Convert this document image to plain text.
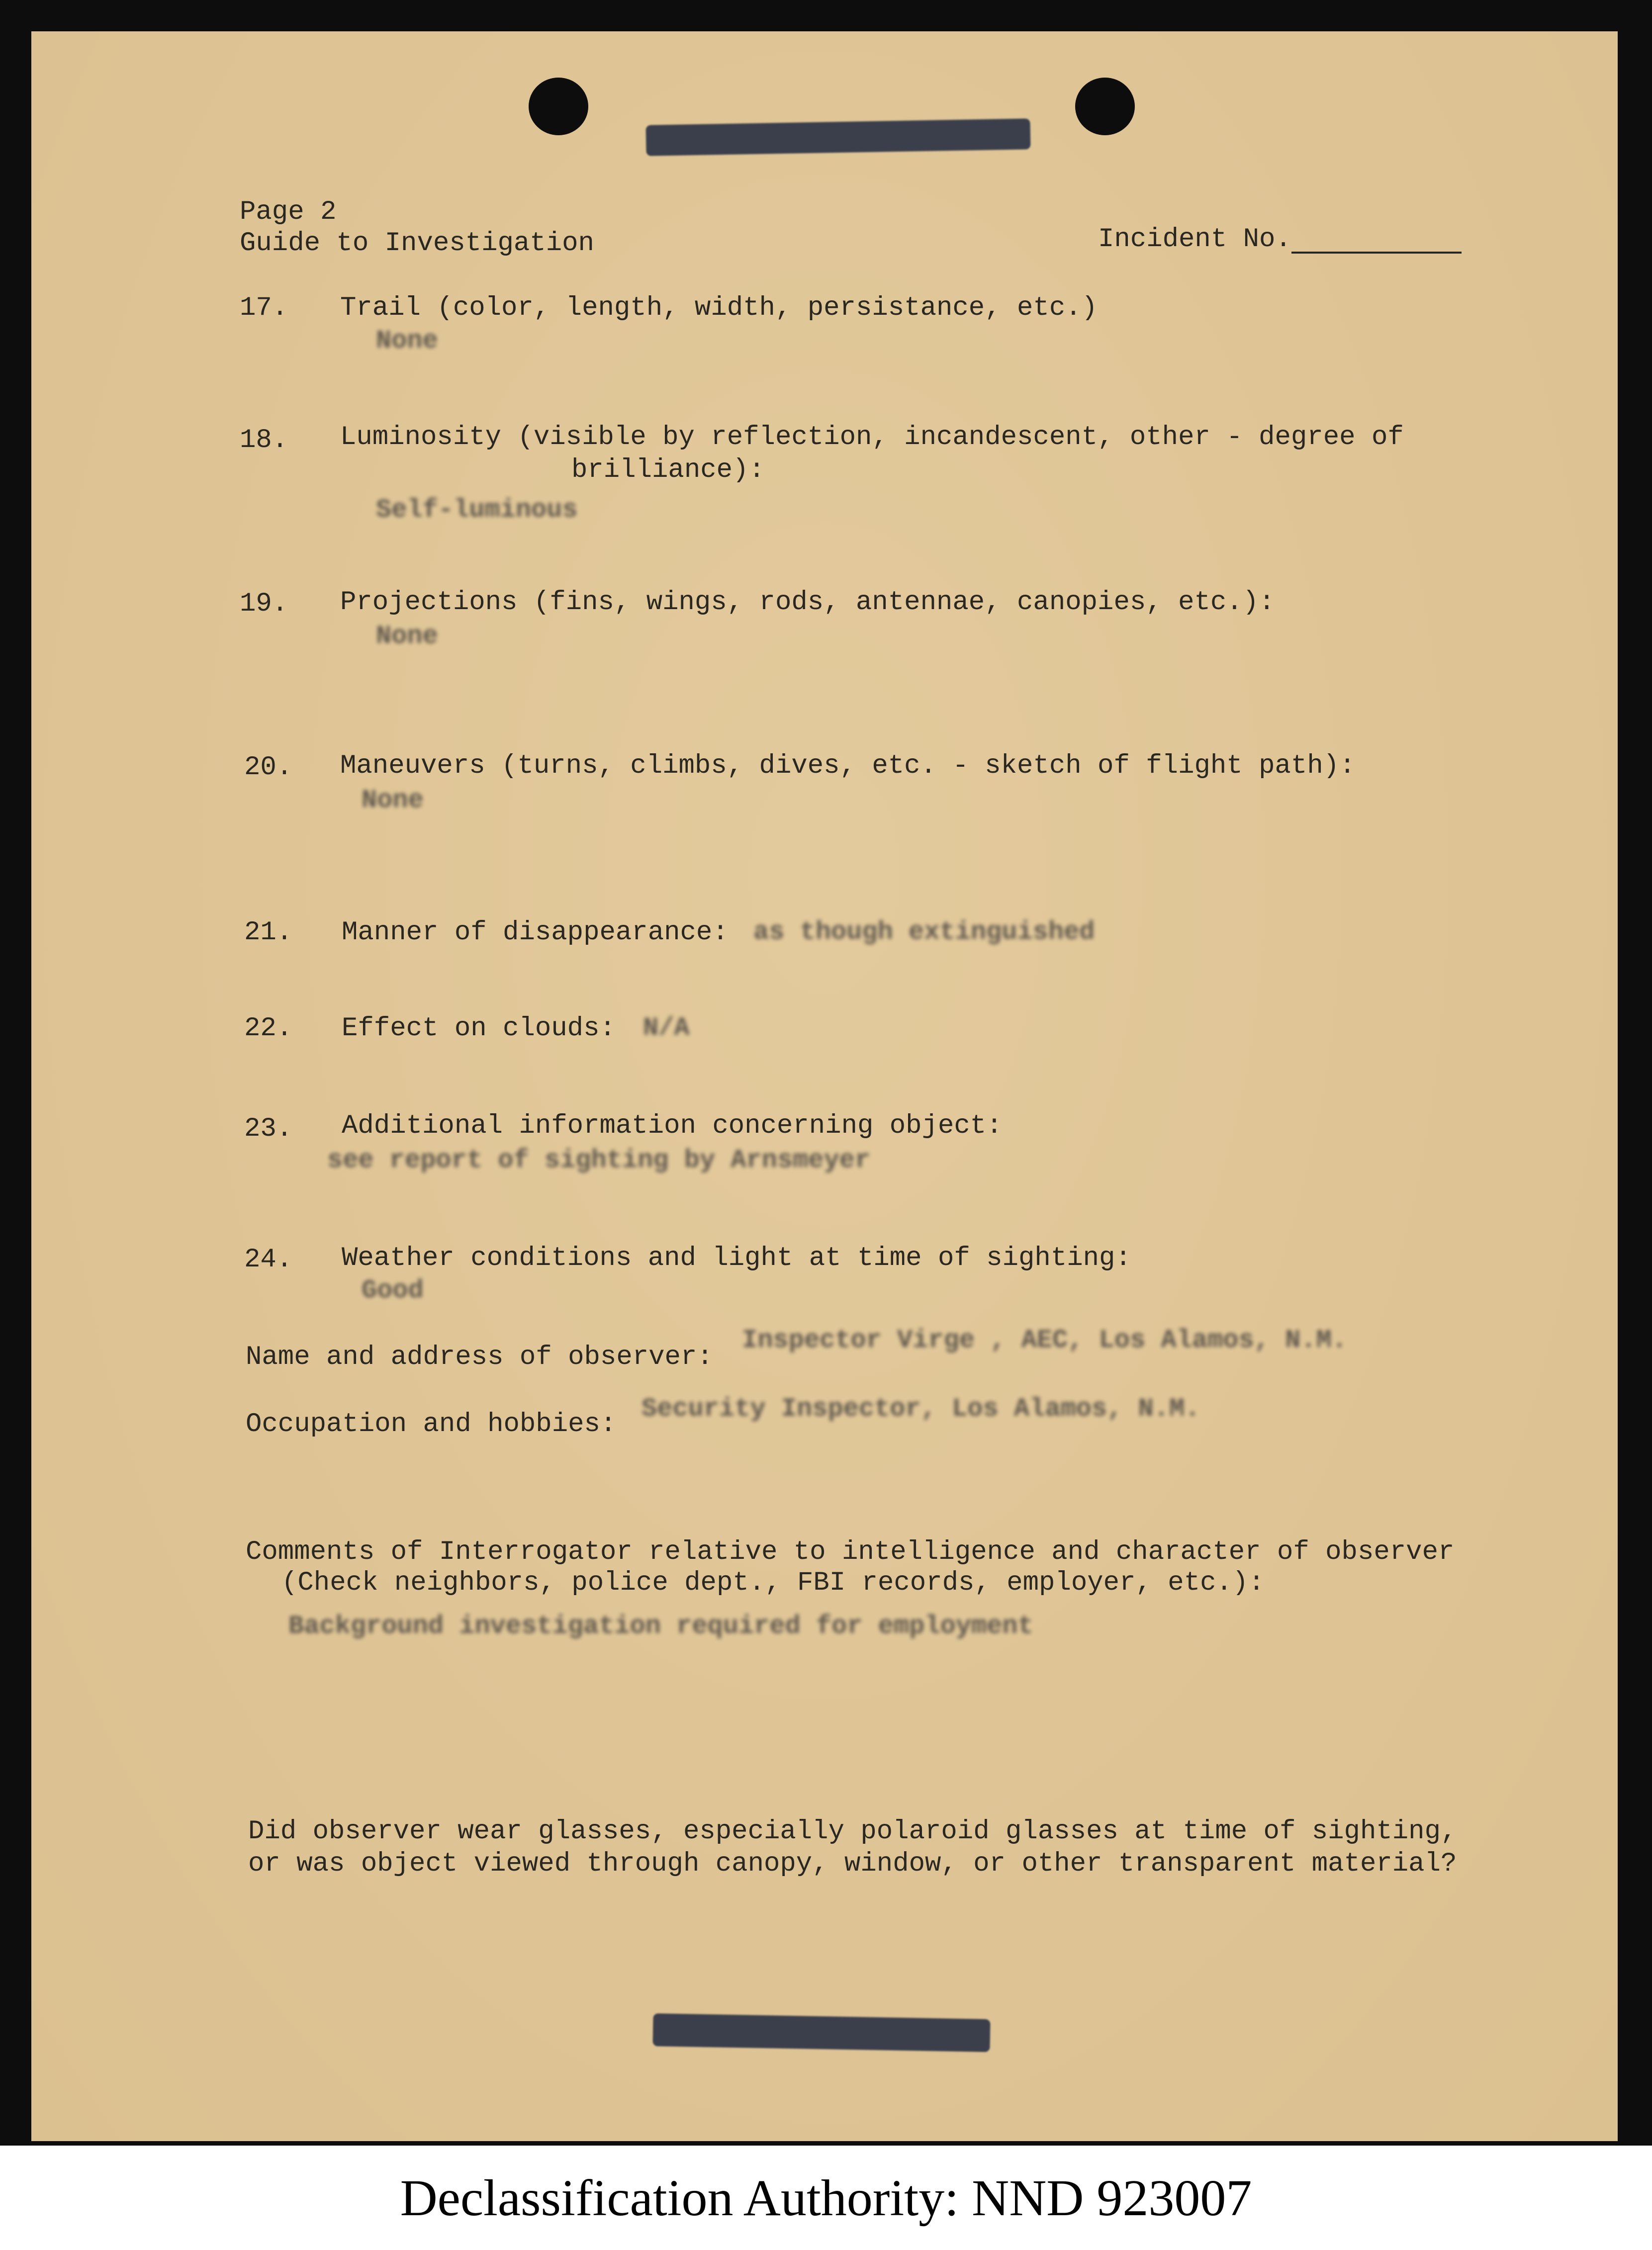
Page 2
Guide to Investigation	Incident No.
17. Trail (color, length, width, persistance, etc.)
None
18. Luminosity (visible by reflection, incandescent, other - degree of
brilliance):
Self-luminous
19. Projections (fins, wings, rods, antennae, canopies, etc.):
None
20. Maneuvers (turns, climbs, dives, etc. - sketch of flight path):
None
21. Manner of disappearance: as though extinguished
22. Effect on clouds: N/A
23. Additional information concerning object:
see report of sighting by Arnsmeyer
24. Weather conditions and light at time of sighting:
Good
Name and address of observer:
Inspector Virge , AEC, Los Alamos, N.M.
Occupation and hobbies:
Security Inspector, Los Alamos, N.M.
Comments of Interrogator relative to intelligence and character of observer
(Check neighbors, police dept., FBI records, employer, etc.):
Background investigation required for employment
Did observer wear glasses, especially polaroid glasses at time of sighting,
or was object viewed through canopy, window, or other transparent material?
Declassification Authority: NND 923007
